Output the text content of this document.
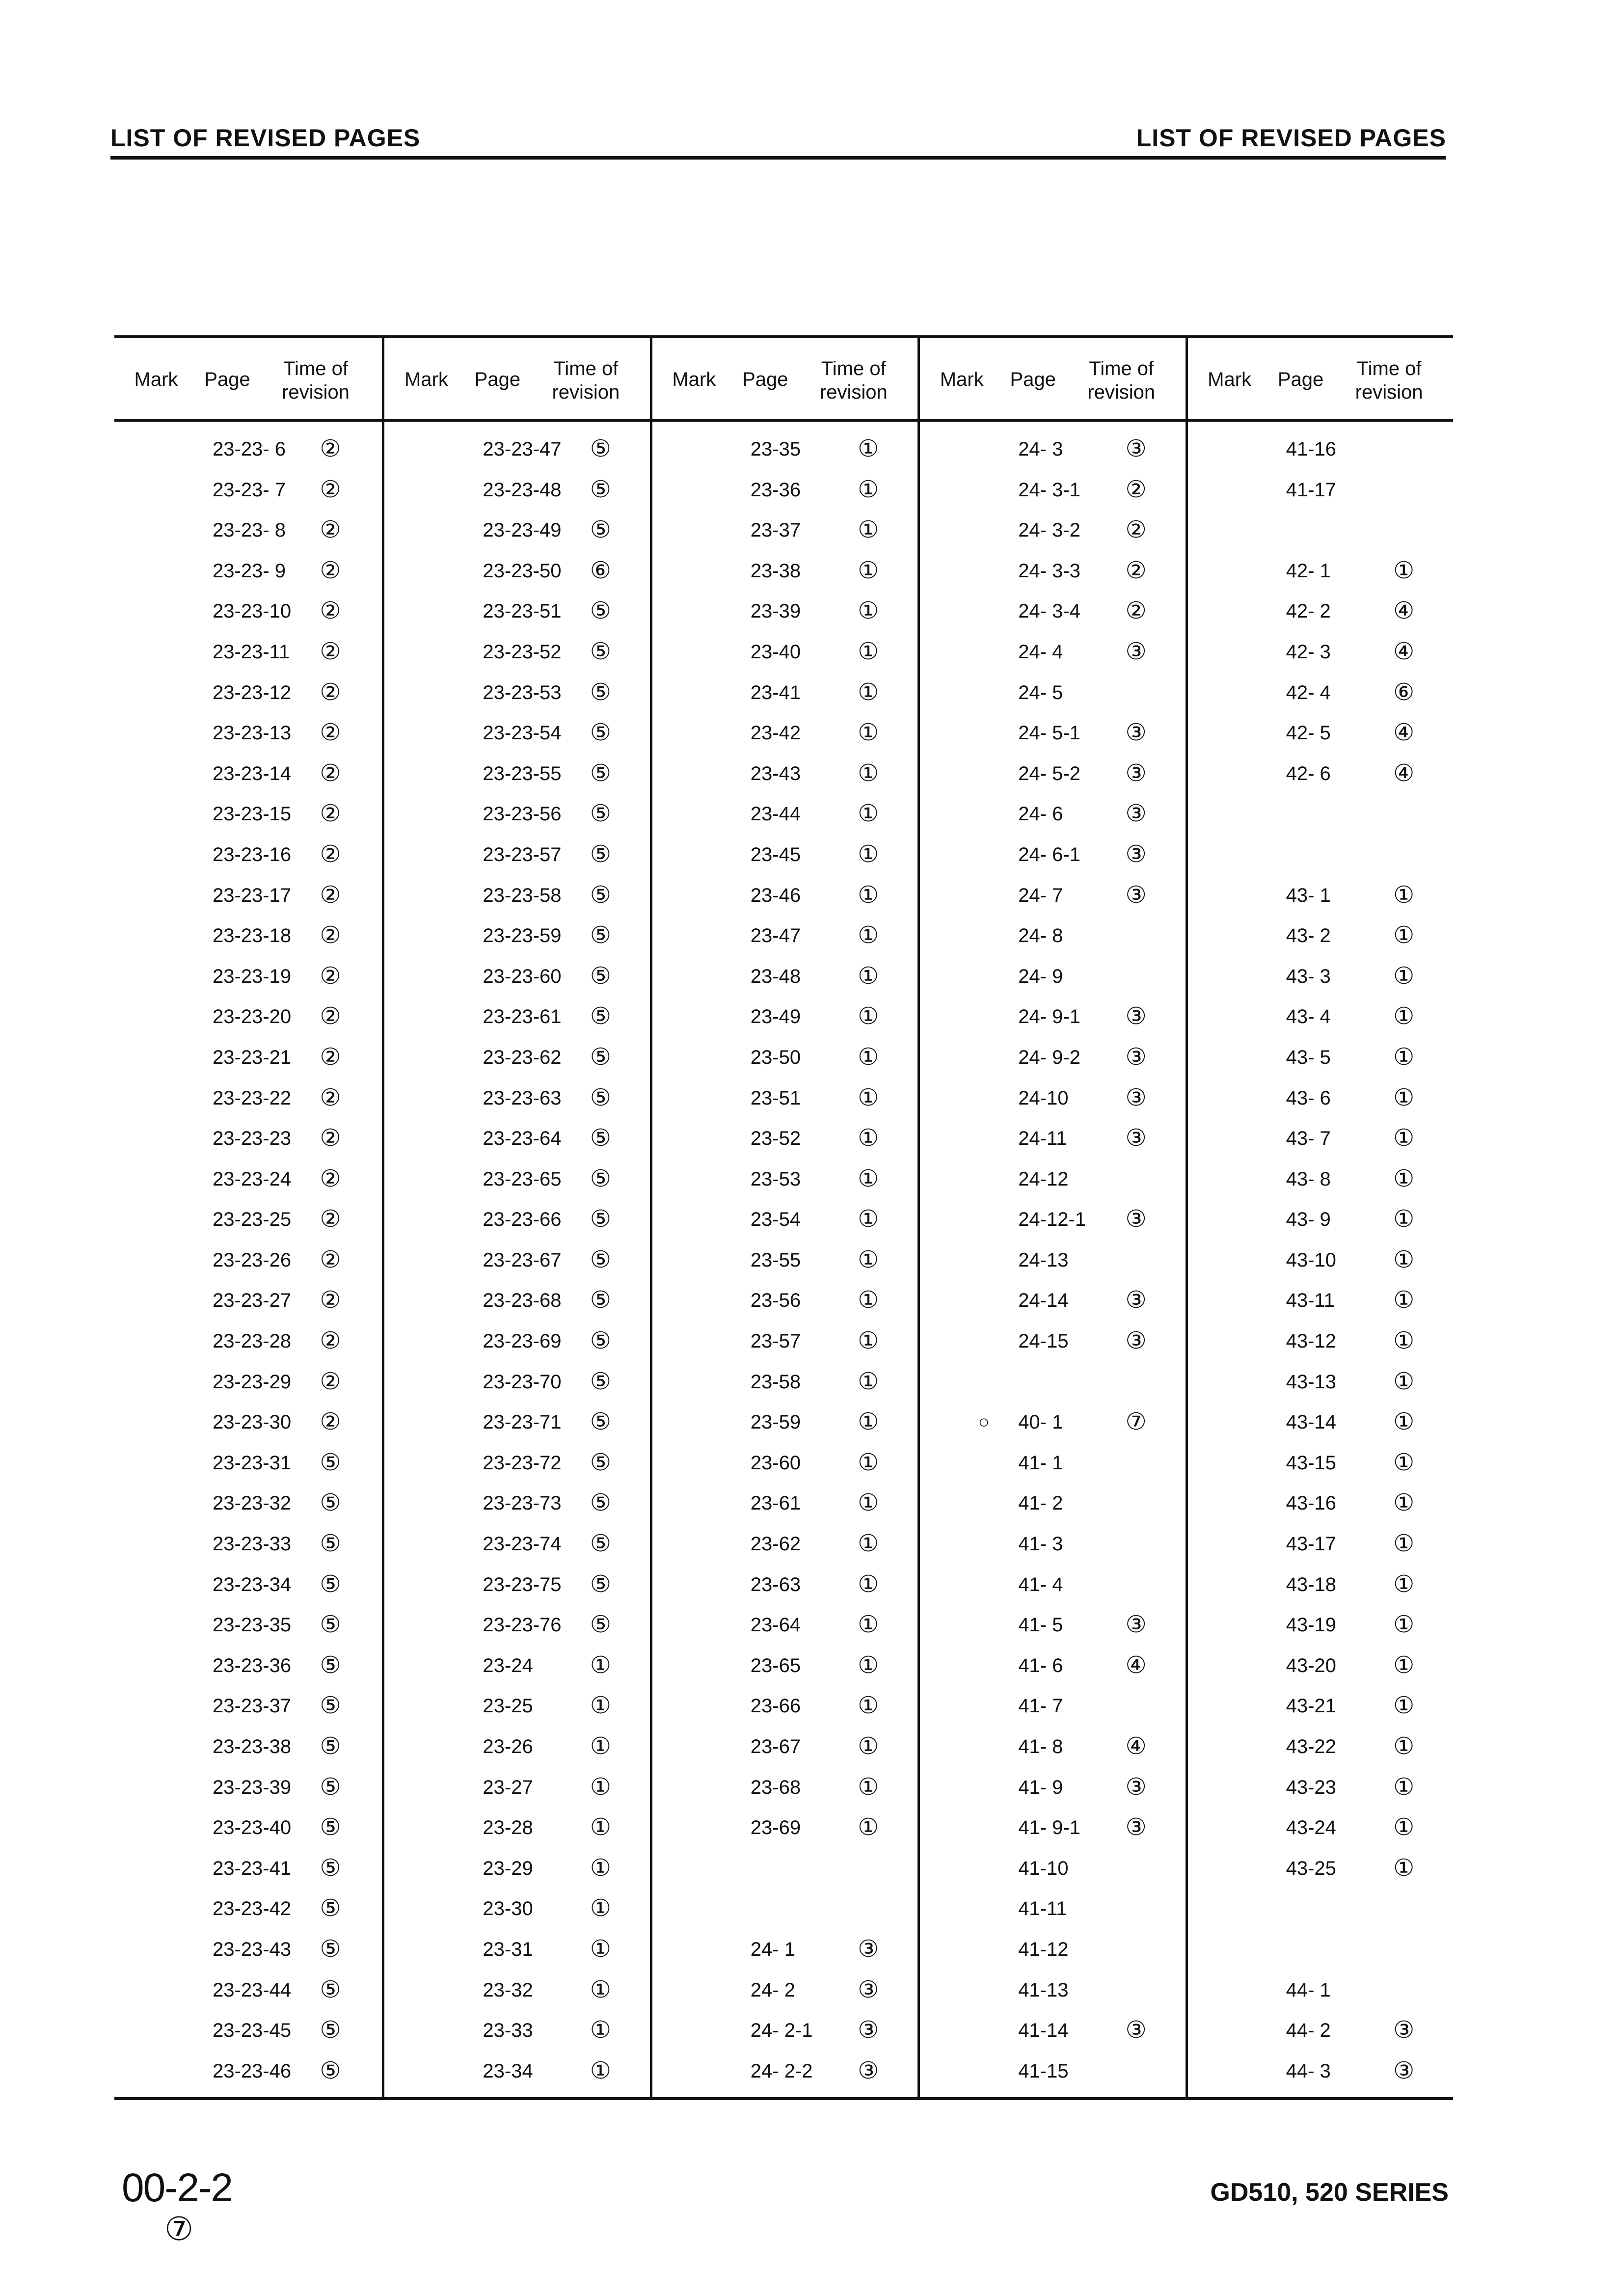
LIST OF REVISED PAGES	LIST OF REVISED PAGES
Mark	Page	Time of
revision
23-23- 6	②
23-23- 7	②
23-23- 8	②
23-23- 9	②
23-23-10	②
23-23-11	②
23-23-12	②
23-23-13	②
23-23-14	②
23-23-15	②
23-23-16	②
23-23-17	②
23-23-18	②
23-23-19	②
23-23-20	②
23-23-21	②
23-23-22	②
23-23-23	②
23-23-24	②
23-23-25	②
23-23-26	②
23-23-27	②
23-23-28	②
23-23-29	②
23-23-30	②
23-23-31	⑤
23-23-32	⑤
23-23-33	⑤
23-23-34	⑤
23-23-35	⑤
23-23-36	⑤
23-23-37	⑤
23-23-38	⑤
23-23-39	⑤
23-23-40	⑤
23-23-41	⑤
23-23-42	⑤
23-23-43	⑤
23-23-44	⑤
23-23-45	⑤
23-23-46	⑤
Mark	Page	Time of
revision
23-23-47	⑤
23-23-48	⑤
23-23-49	⑤
23-23-50	⑥
23-23-51	⑤
23-23-52	⑤
23-23-53	⑤
23-23-54	⑤
23-23-55	⑤
23-23-56	⑤
23-23-57	⑤
23-23-58	⑤
23-23-59	⑤
23-23-60	⑤
23-23-61	⑤
23-23-62	⑤
23-23-63	⑤
23-23-64	⑤
23-23-65	⑤
23-23-66	⑤
23-23-67	⑤
23-23-68	⑤
23-23-69	⑤
23-23-70	⑤
23-23-71	⑤
23-23-72	⑤
23-23-73	⑤
23-23-74	⑤
23-23-75	⑤
23-23-76	⑤
23-24	①
23-25	①
23-26	①
23-27	①
23-28	①
23-29	①
23-30	①
23-31	①
23-32	①
23-33	①
23-34	①
Mark	Page	Time of
revision
23-35	①
23-36	①
23-37	①
23-38	①
23-39	①
23-40	①
23-41	①
23-42	①
23-43	①
23-44	①
23-45	①
23-46	①
23-47	①
23-48	①
23-49	①
23-50	①
23-51	①
23-52	①
23-53	①
23-54	①
23-55	①
23-56	①
23-57	①
23-58	①
23-59	①
23-60	①
23-61	①
23-62	①
23-63	①
23-64	①
23-65	①
23-66	①
23-67	①
23-68	①
23-69	①
24- 1	③
24- 2	③
24- 2-1	③
24- 2-2	③
Mark	Page	Time of
revision
24- 3	③
24- 3-1	②
24- 3-2	②
24- 3-3	②
24- 3-4	②
24- 4	③
24- 5
24- 5-1	③
24- 5-2	③
24- 6	③
24- 6-1	③
24- 7	③
24- 8
24- 9
24- 9-1	③
24- 9-2	③
24-10	③
24-11	③
24-12
24-12-1	③
24-13
24-14	③
24-15	③
○	40- 1	⑦
41- 1
41- 2
41- 3
41- 4
41- 5	③
41- 6	④
41- 7
41- 8	④
41- 9	③
41- 9-1	③
41-10
41-11
41-12
41-13
41-14	③
41-15
Mark	Page	Time of
revision
41-16
41-17
42- 1	①
42- 2	④
42- 3	④
42- 4	⑥
42- 5	④
42- 6	④
43- 1	①
43- 2	①
43- 3	①
43- 4	①
43- 5	①
43- 6	①
43- 7	①
43- 8	①
43- 9	①
43-10	①
43-11	①
43-12	①
43-13	①
43-14	①
43-15	①
43-16	①
43-17	①
43-18	①
43-19	①
43-20	①
43-21	①
43-22	①
43-23	①
43-24	①
43-25	①
44- 1
44- 2	③
44- 3	③
00-2-2
⑦
GD510, 520 SERIES
